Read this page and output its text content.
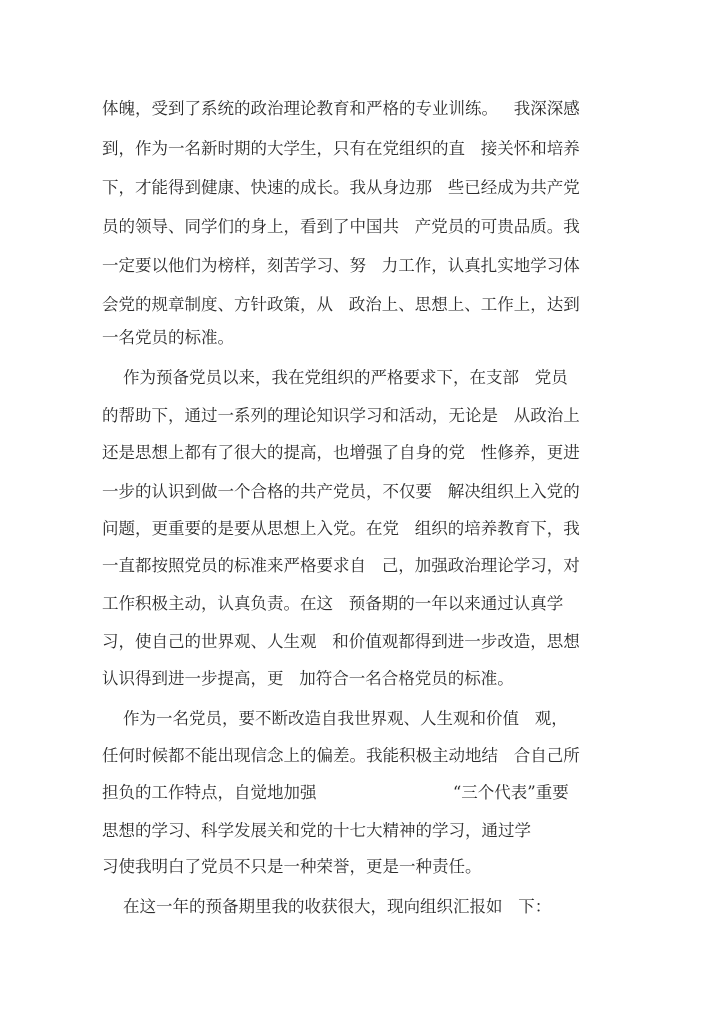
体魄，受到了系统的政治理论教育和严格的专业训练。   我深深感
到，作为一名新时期的大学生，只有在党组织的直   接关怀和培养
下，才能得到健康、快速的成长。我从身边那   些已经成为共产党
员的领导、同学们的身上，看到了中国共   产党员的可贵品质。我
一定要以他们为榜样，刻苦学习、努   力工作，认真扎实地学习体
会党的规章制度、方针政策，从   政治上、思想上、工作上，达到
一名党员的标准。
作为预备党员以来，我在党组织的严格要求下，在支部   党员
的帮助下，通过一系列的理论知识学习和活动，无论是   从政治上
还是思想上都有了很大的提高，也增强了自身的党   性修养，更进
一步的认识到做一个合格的共产党员，不仅要   解决组织上入党的
问题，更重要的是要从思想上入党。在党   组织的培养教育下，我
一直都按照党员的标准来严格要求自   己，加强政治理论学习，对
工作积极主动，认真负责。在这   预备期的一年以来通过认真学
习，使自己的世界观、人生观   和价值观都得到进一步改造，思想
认识得到进一步提高，更   加符合一名合格党员的标准。
作为一名党员，要不断改造自我世界观、人生观和价值   观，
任何时候都不能出现信念上的偏差。我能积极主动地结   合自己所
担负的工作特点，自觉地加强                          “三个代表”重要
思想的学习、科学发展关和党的十七大精神的学习，通过学
习使我明白了党员不只是一种荣誉，更是一种责任。
在这一年的预备期里我的收获很大，现向组织汇报如   下：
